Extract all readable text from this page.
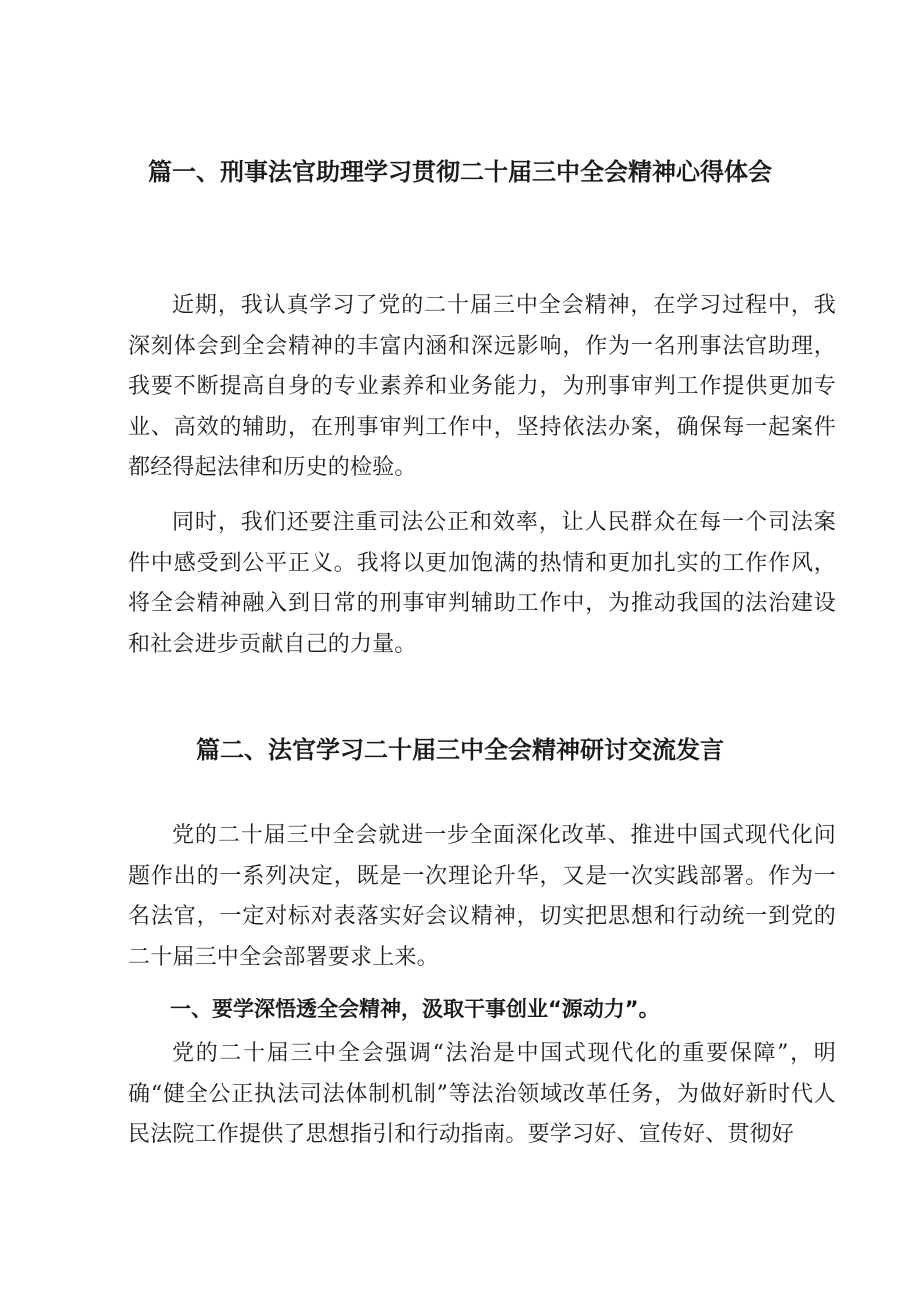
篇一、刑事法官助理学习贯彻二十届三中全会精神心得体会

近期，我认真学习了党的二十届三中全会精神，在学习过程中，我深刻体会到全会精神的丰富内涵和深远影响，作为一名刑事法官助理，我要不断提高自身的专业素养和业务能力，为刑事审判工作提供更加专业、高效的辅助，在刑事审判工作中，坚持依法办案，确保每一起案件都经得起法律和历史的检验。

同时，我们还要注重司法公正和效率，让人民群众在每一个司法案件中感受到公平正义。我将以更加饱满的热情和更加扎实的工作作风，将全会精神融入到日常的刑事审判辅助工作中，为推动我国的法治建设和社会进步贡献自己的力量。

篇二、法官学习二十届三中全会精神研讨交流发言

党的二十届三中全会就进一步全面深化改革、推进中国式现代化问题作出的一系列决定，既是一次理论升华，又是一次实践部署。作为一名法官，一定对标对表落实好会议精神，切实把思想和行动统一到党的二十届三中全会部署要求上来。

一、要学深悟透全会精神，汲取干事创业“源动力”。

党的二十届三中全会强调“法治是中国式现代化的重要保障”，明确“健全公正执法司法体制机制”等法治领域改革任务，为做好新时代人民法院工作提供了思想指引和行动指南。要学习好、宣传好、贯彻好
